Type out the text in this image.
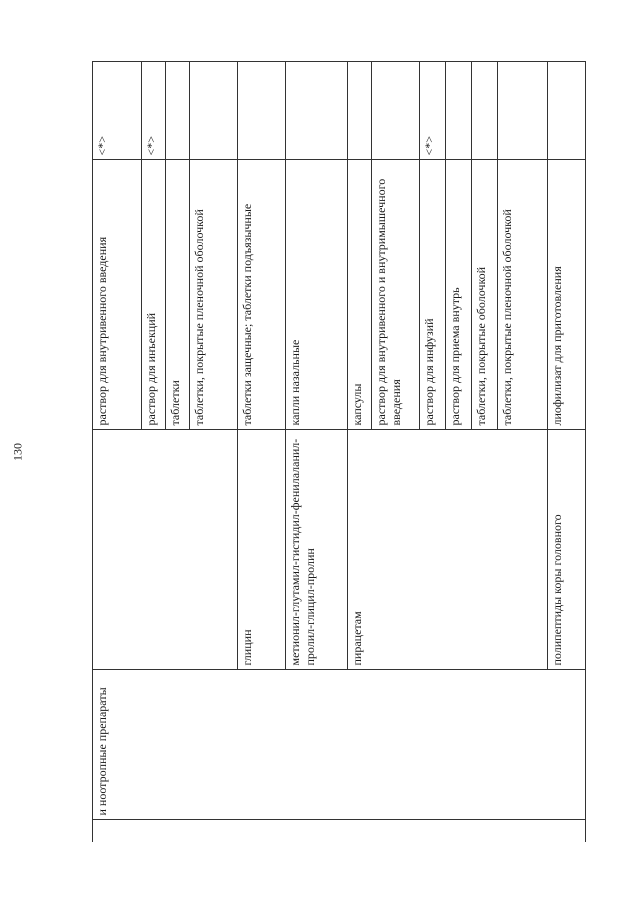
130
	и ноотропные препараты		раствор для внутривенного введения	<*>
			раствор для инъекций	<*>
			таблетки	
			таблетки, покрытые пленочной оболочкой	
		глицин	таблетки защечные; таблетки подъязычные	
		метионил-глутамил-гистидил-фенилаланил-пролил-глицил-пролин	капли назальные	
		пирацетам	капсулы	
			раствор для внутривенного и внутримышечного введения	
			раствор для инфузий	<*>
			раствор для приема внутрь	
			таблетки, покрытые оболочкой	
			таблетки, покрытые пленочной оболочкой	
		полипептиды коры головного	лиофилизат для приготовления	
